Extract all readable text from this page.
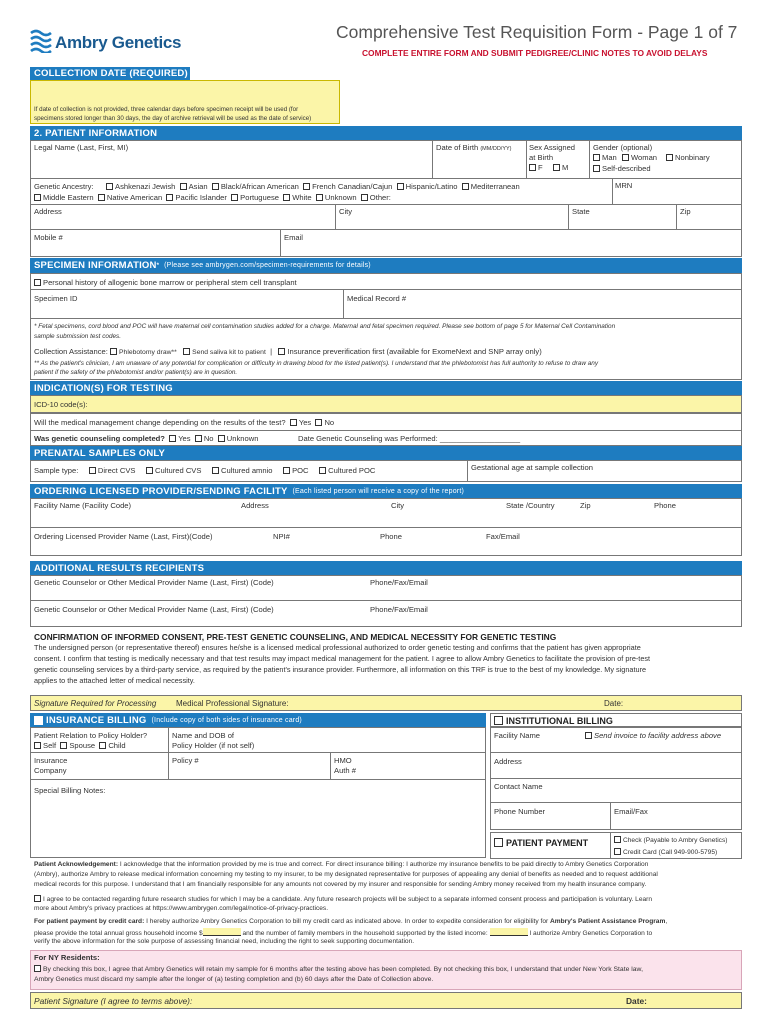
Ambry Genetics
Comprehensive Test Requisition Form - Page 1 of 7
COMPLETE ENTIRE FORM AND SUBMIT PEDIGREE/CLINIC NOTES TO AVOID DELAYS
COLLECTION DATE (REQUIRED)
If date of collection is not provided, three calendar days before specimen receipt will be used (for
specimens stored longer than 30 days, the day of archive retrieval will be used as the date of service)
2. PATIENT INFORMATION
Legal Name (Last, First, MI)	Date of Birth (MM/DD/YY) Sex Assigned
at Birth
F	M
Gender (optional)
Man	Woman	Nonbinary
Self-described
MRN
Genetic Ancestry:	Ashkenazi Jewish Asian Black/African American French Canadian/Cajun Hispanic/Latino Mediterranean
Middle Eastern Native American Pacific Islander Portuguese White Unknown Other:
Address	City	State	Zip
Mobile #	Email
SPECIMEN INFORMATION * (Please see ambrygen.com/specimen-requirements for details)
Personal history of allogenic bone marrow or peripheral stem cell transplant
Specimen ID	Medical Record #
* Fetal specimens, cord blood and POC will have maternal cell contamination studies added for a charge. Maternal and fetal specimen required. Please see bottom of page 5 for Maternal Cell Contamination
sample submission test codes.
Collection Assistance: Phlebotomy draw** Send saliva kit to patient  |   Insurance preverification first (available for ExomeNext and SNP array only)
** As the patient's clinician, I am unaware of any potential for complication or difficulty in drawing blood for the listed patient(s). I understand that the phlebotomist has full authority to refuse to draw any
patient if the safety of the phlebotomist and/or patient(s) are in question.
INDICATION(S) FOR TESTING
ICD-10 code(s):
Will the medical management change depending on the results of the test? Yes No
Was genetic counseling completed? Yes No Unknown	Date Genetic Counseling was Performed: ___________________
PRENATAL SAMPLES ONLY
Sample type:	Direct CVS	Cultured CVS	Cultured amnio	POC	Cultured POC	Gestational age at sample collection
ORDERING LICENSED PROVIDER/SENDING FACILITY (Each listed person will receive a copy of the report)
Facility Name (Facility Code)	Address	City	State /Country	Zip	Phone
Ordering Licensed Provider Name (Last, First)(Code)	NPI#	Phone	Fax/Email
ADDITIONAL RESULTS RECIPIENTS
Genetic Counselor or Other Medical Provider Name (Last, First) (Code)	Phone/Fax/Email
Genetic Counselor or Other Medical Provider Name (Last, First) (Code)	Phone/Fax/Email
CONFIRMATION OF INFORMED CONSENT, PRE-TEST GENETIC COUNSELING, AND MEDICAL NECESSITY FOR GENETIC TESTING
The undersigned person (or representative thereof) ensures he/she is a licensed medical professional authorized to order genetic testing and confirms that the patient has given appropriate
consent. I confirm that testing is medically necessary and that test results may impact medical management for the patient. I agree to allow Ambry Genetics to facilitate the provision of pre-test
genetic counseling services by a third-party service, as required by the patient's insurance provider. Furthermore, all information on this TRF is true to the best of my knowledge. My signature
applies to the attached letter of medical necessity.
Signature Required for Processing Medical Professional Signature:	Date:
INSURANCE BILLING (Include copy of both sides of insurance card)
Patient Relation to Policy Holder?
Self Spouse Child
Name and DOB of
Policy Holder (if not self)
Insurance
Company
Policy #	HMO
Auth #
Special Billing Notes:
INSTITUTIONAL BILLING
Facility Name	Send invoice to facility address above
Address
Contact Name
Phone Number	Email/Fax
PATIENT PAYMENT	Check (Payable to Ambry Genetics)
Credit Card (Call 949-900-5795)
Patient Acknowledgement: I acknowledge that the information provided by me is true and correct. For direct insurance billing: I authorize my insurance benefits to be paid directly to Ambry Genetics Corporation
(Ambry), authorize Ambry to release medical information concerning my testing to my insurer, to be my designated representative for purposes of appealing any denial of benefits as needed and to request additional
medical records for this purpose. I understand that I am financially responsible for any amounts not covered by my insurer and responsible for sending Ambry money received from my health insurance company.
I agree to be contacted regarding future research studies for which I may be a candidate. Any future research projects will be subject to a separate informed consent process and participation is voluntary. Learn
more about Ambry's privacy practices at https://www.ambrygen.com/legal/notice-of-privacy-practices.
For patient payment by credit card: I hereby authorize Ambry Genetics Corporation to bill my credit card as indicated above. In order to expedite consideration for eligibility for Ambry's Patient Assistance Program,
please provide the total annual gross household income $	and the number of family members in the household supported by the listed income:	I authorize Ambry Genetics Corporation to
verify the above information for the sole purpose of assessing financial need, including the right to seek supporting documentation.
For NY Residents:
By checking this box, I agree that Ambry Genetics will retain my sample for 6 months after the testing above has been completed. By not checking this box, I understand that under New York State law,
Ambry Genetics must discard my sample after the longer of (a) testing completion and (b) 60 days after the Date of Collection above.
Patient Signature (I agree to terms above):	Date:
